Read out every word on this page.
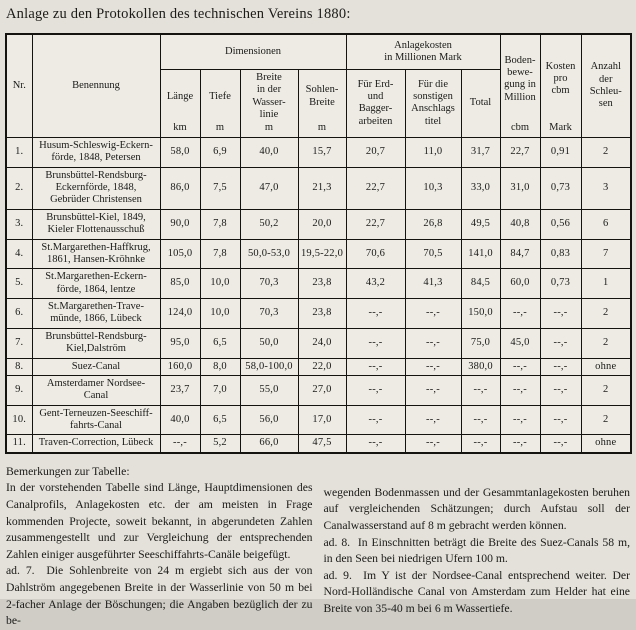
Anlage zu den Protokollen des technischen Vereins 1880:
Nr.	Benennung	Dimensionen				Anlagekosten
in Millionen Mark			Boden-
bewe-
gung in
Million
cbm	Kosten
pro
cbm
Mark	Anzahl
der
Schleu-
sen

Länge
km	Tiefe
m	Breite
in der
Wasser-
linie
m	Sohlen-
Breite
m	Für Erd-
und
Bagger-
arbeiten	Für die
sonstigen
Anschlags
titel	Total			
1.	Husum-Schleswig-Eckern-
förde, 1848, Petersen	58,0	6,9	40,0	15,7	20,7	11,0	31,7	22,7	0,91	2
2.	Brunsbüttel-Rendsburg-
Eckernförde, 1848,
Gebrüder Christensen	86,0	7,5	47,0	21,3	22,7	10,3	33,0	31,0	0,73	3
3.	Brunsbüttel-Kiel, 1849,
Kieler Flottenausschuß	90,0	7,8	50,2	20,0	22,7	26,8	49,5	40,8	0,56	6
4.	St.Margarethen-Haffkrug,
1861, Hansen-Kröhnke	105,0	7,8	50,0-53,0	19,5-22,0	70,6	70,5	141,0	84,7	0,83	7
5.	St.Margarethen-Eckern-
förde, 1864, lentze	85,0	10,0	70,3	23,8	43,2	41,3	84,5	60,0	0,73	1
6.	St.Margarethen-Trave-
münde, 1866, Lübeck	124,0	10,0	70,3	23,8	--,-	--,-	150,0	--,-	--,-	2
7.	Brunsbüttel-Rendsburg-
Kiel,Dalström	95,0	6,5	50,0	24,0	--,-	--,-	75,0	45,0	--,-	2
8.	Suez-Canal	160,0	8,0	58,0-100,0	22,0	--,-	--,-	380,0	--,-	--,-	ohne
9.	Amsterdamer Nordsee-
Canal	23,7	7,0	55,0	27,0	--,-	--,-	--,-	--,-	--,-	2
10.	Gent-Terneuzen-Seeschiff-
fahrts-Canal	40,0	6,5	56,0	17,0	--,-	--,-	--,-	--,-	--,-	2
11.	Traven-Correction, Lübeck	--,-	5,2	66,0	47,5	--,-	--,-	--,-	--,-	--,-	ohne

Bemerkungen zur Tabelle:

In der vorstehenden Tabelle sind Länge, Hauptdimensionen des Canalprofils, Anlagekosten etc. der am meisten in Frage kommenden Projecte, soweit bekannt, in abgerundeten Zahlen zusammengestellt und zur Vergleichung der entsprechenden Zahlen einiger ausgeführter Seeschiffahrts-Canäle beigefügt.

ad. 7.  Die Sohlenbreite von 24 m ergiebt sich aus der von Dahlström angegebenen Breite in der Wasserlinie von 50 m bei 2-facher Anlage der Böschungen; die Angaben bezüglich der zu be-

wegenden Bodenmassen und der Gesammtanlagekosten beruhen auf vergleichenden Schätzungen; durch Aufstau soll der Canalwasserstand auf 8 m gebracht werden können.

ad. 8.  In Einschnitten beträgt die Breite des Suez-Canals 58 m, in den Seen bei niedrigen Ufern 100 m.

ad. 9.  Im Y ist der Nordsee-Canal entsprechend weiter. Der Nord-Holländische Canal von Amsterdam zum Helder hat eine Breite von 35-40 m bei 6 m Wassertiefe.
